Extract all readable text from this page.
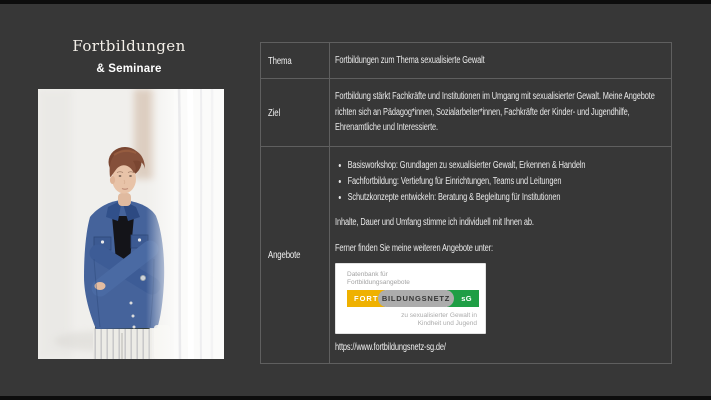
Fortbildungen
& Seminare
Thema	Fortbildungen zum Thema sexualisierte Gewalt
Ziel
Fortbildung stärkt Fachkräfte und Institutionen im Umgang mit sexualisierter Gewalt. Meine Angebote richten sich an Pädagog*innen, Sozialarbeiter*innen, Fachkräfte der Kinder- und Jugendhilfe, Ehrenamtliche und Interessierte.
Angebote
• Basisworkshop: Grundlagen zu sexualisierter Gewalt, Erkennen & Handeln
• Fachfortbildung: Vertiefung für Einrichtungen, Teams und Leitungen
• Schutzkonzepte entwickeln: Beratung & Begleitung für Institutionen
Inhalte, Dauer und Umfang stimme ich individuell mit Ihnen ab.
Ferner finden Sie meine weiteren Angebote unter:
Datenbank für
Fortbildungsangebote
FORT BILDUNGSNETZ	sG
zu sexualisierter Gewalt in
Kindheit und Jugend
https://www.fortbildungsnetz-sg.de/
